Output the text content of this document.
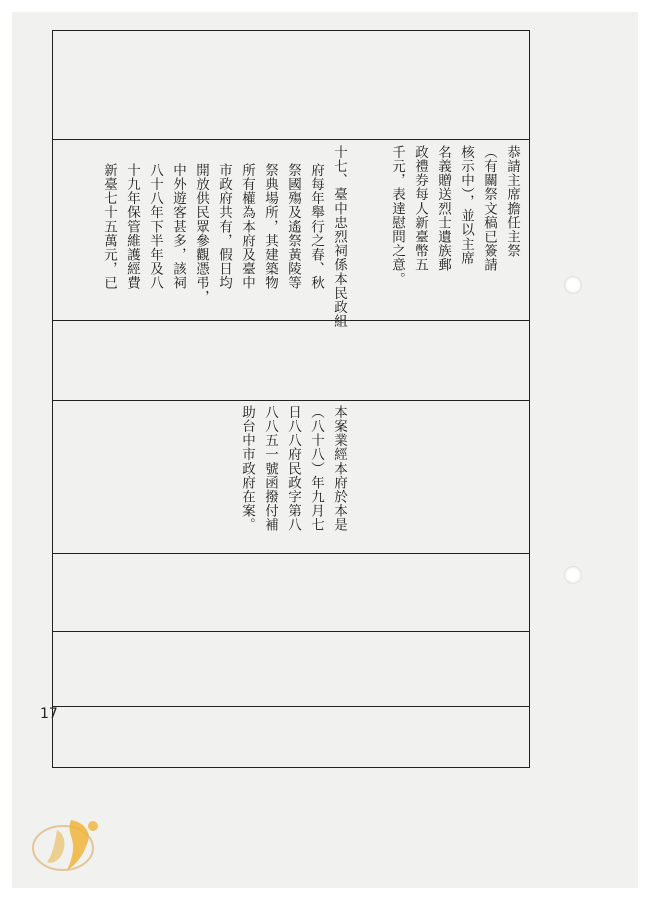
恭請主席擔任主祭
（有關祭文稿已簽請
核示中），並以主席
名義贈送烈士遺族郵
政禮券每人新臺幣五
千元，表達慰問之意。
十七、臺中忠烈祠係本民政組
府每年舉行之春、秋
祭國殤及遙祭黃陵等
祭典場所，其建築物
所有權為本府及臺中
市政府共有，假日均
開放供民眾參觀憑弔，
中外遊客甚多，該祠
八十八年下半年及八
十九年保管維護經費
新臺七十五萬元，已
本案業經本府於本是
（八十八）年九月七
日八八府民政字第八
八八五一號函撥付補
助台中市政府在案。
17
